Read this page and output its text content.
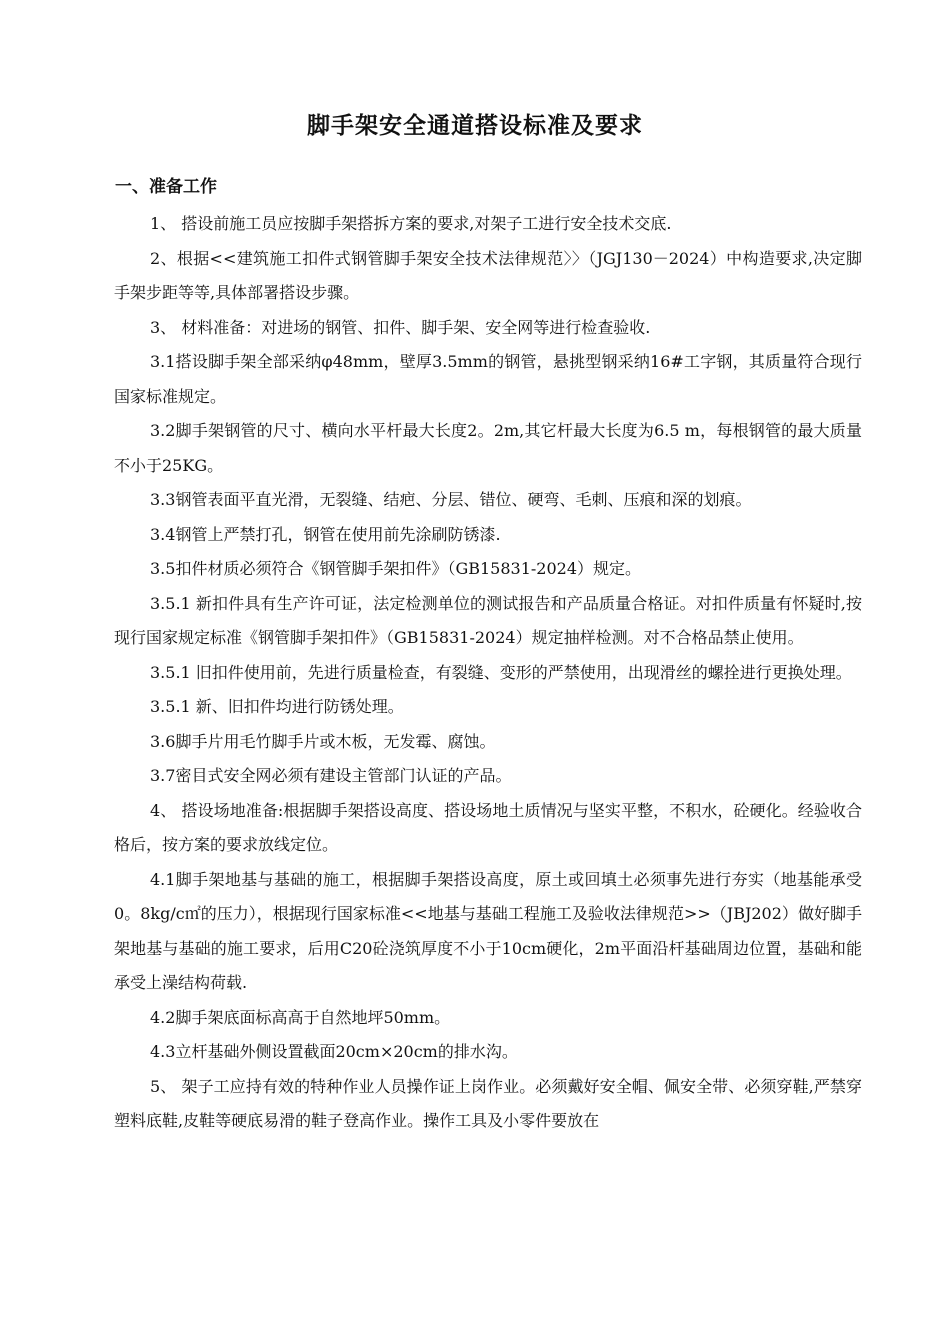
脚手架安全通道搭设标准及要求
一、准备工作

1、 搭设前施工员应按脚手架搭拆方案的要求,对架子工进行安全技术交底.

2、根据<<建筑施工扣件式钢管脚手架安全技术法律规范〉〉（JGJ130－2024）中构造要求,决定脚手架步距等等,具体部署搭设步骤。

3、 材料准备：对进场的钢管、扣件、脚手架、安全网等进行检查验收.

3.1搭设脚手架全部采纳φ48mm，壁厚3.5mm的钢管，悬挑型钢采纳16#工字钢，其质量符合现行国家标准规定。

3.2脚手架钢管的尺寸、横向水平杆最大长度2。2m,其它杆最大长度为6.5 m，每根钢管的最大质量不小于25KG。

3.3钢管表面平直光滑，无裂缝、结疤、分层、错位、硬弯、毛刺、压痕和深的划痕。

3.4钢管上严禁打孔，钢管在使用前先涂刷防锈漆.

3.5扣件材质必须符合《钢管脚手架扣件》（GB15831-2024）规定。

3.5.1 新扣件具有生产许可证，法定检测单位的测试报告和产品质量合格证。对扣件质量有怀疑时,按现行国家规定标准《钢管脚手架扣件》（GB15831-2024）规定抽样检测。对不合格品禁止使用。

3.5.1 旧扣件使用前，先进行质量检查，有裂缝、变形的严禁使用，出现滑丝的螺拴进行更换处理。

3.5.1 新、旧扣件均进行防锈处理。

3.6脚手片用毛竹脚手片或木板，无发霉、腐蚀。

3.7密目式安全网必须有建设主管部门认证的产品。

4、 搭设场地准备:根据脚手架搭设高度、搭设场地土质情况与坚实平整，不积水，砼硬化。经验收合格后，按方案的要求放线定位。

4.1脚手架地基与基础的施工，根据脚手架搭设高度，原土或回填土必须事先进行夯实（地基能承受0。8kg/c㎡的压力），根据现行国家标准<<地基与基础工程施工及验收法律规范>>（JBJ202）做好脚手架地基与基础的施工要求，后用C20砼浇筑厚度不小于10cm硬化，2m平面沿杆基础周边位置，基础和能承受上澡结构荷载.

4.2脚手架底面标高高于自然地坪50mm。

4.3立杆基础外侧设置截面20cm×20cm的排水沟。

5、 架子工应持有效的特种作业人员操作证上岗作业。必须戴好安全帽、佩安全带、必须穿鞋,严禁穿塑料底鞋,皮鞋等硬底易滑的鞋子登高作业。操作工具及小零件要放在
